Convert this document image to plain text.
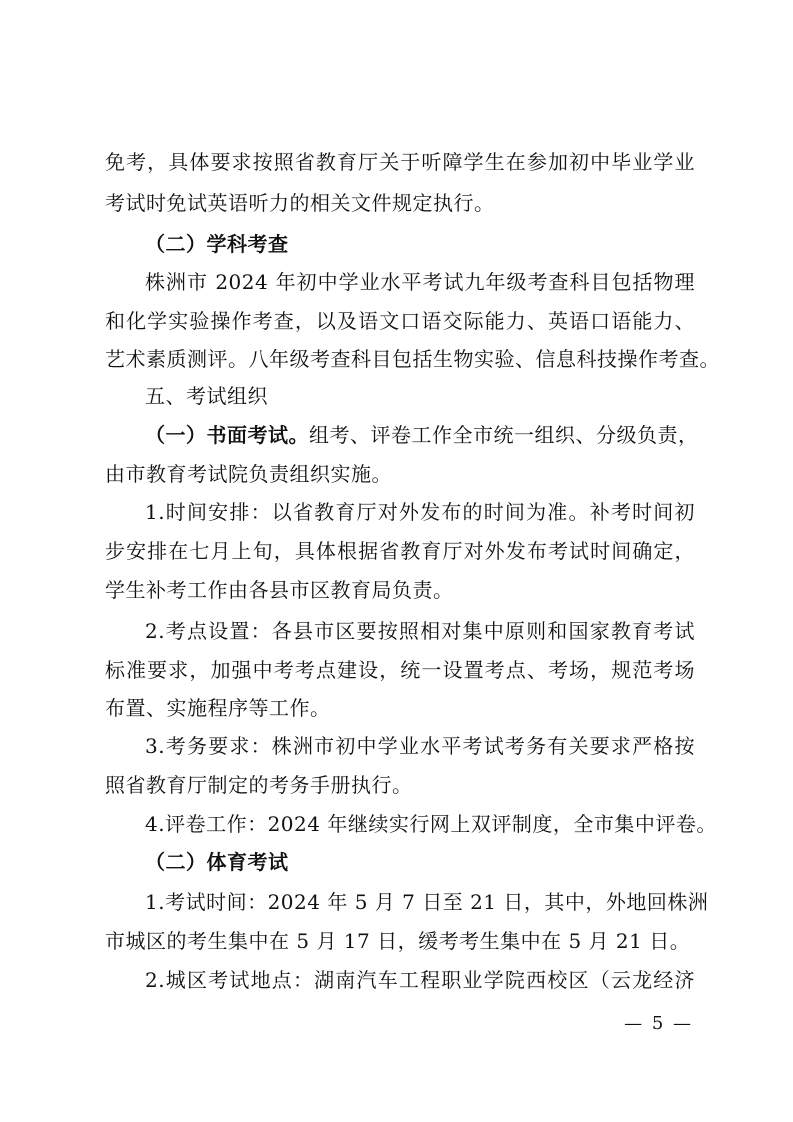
免考，具体要求按照省教育厅关于听障学生在参加初中毕业学业
考试时免试英语听力的相关文件规定执行。
（二）学科考查
株洲市 2024 年初中学业水平考试九年级考查科目包括物理
和化学实验操作考查，以及语文口语交际能力、英语口语能力、
艺术素质测评。八年级考查科目包括生物实验、信息科技操作考查。
五、考试组织
（一）书面考试。组考、评卷工作全市统一组织、分级负责，
由市教育考试院负责组织实施。
1.时间安排：以省教育厅对外发布的时间为准。补考时间初
步安排在七月上旬，具体根据省教育厅对外发布考试时间确定，
学生补考工作由各县市区教育局负责。
2.考点设置：各县市区要按照相对集中原则和国家教育考试
标准要求，加强中考考点建设，统一设置考点、考场，规范考场
布置、实施程序等工作。
3.考务要求：株洲市初中学业水平考试考务有关要求严格按
照省教育厅制定的考务手册执行。
4.评卷工作：2024 年继续实行网上双评制度，全市集中评卷。
（二）体育考试
1.考试时间：2024 年 5 月 7 日至 21 日，其中，外地回株洲
市城区的考生集中在 5 月 17 日，缓考考生集中在 5 月 21 日。
2.城区考试地点：湖南汽车工程职业学院西校区（云龙经济
— 5 —
